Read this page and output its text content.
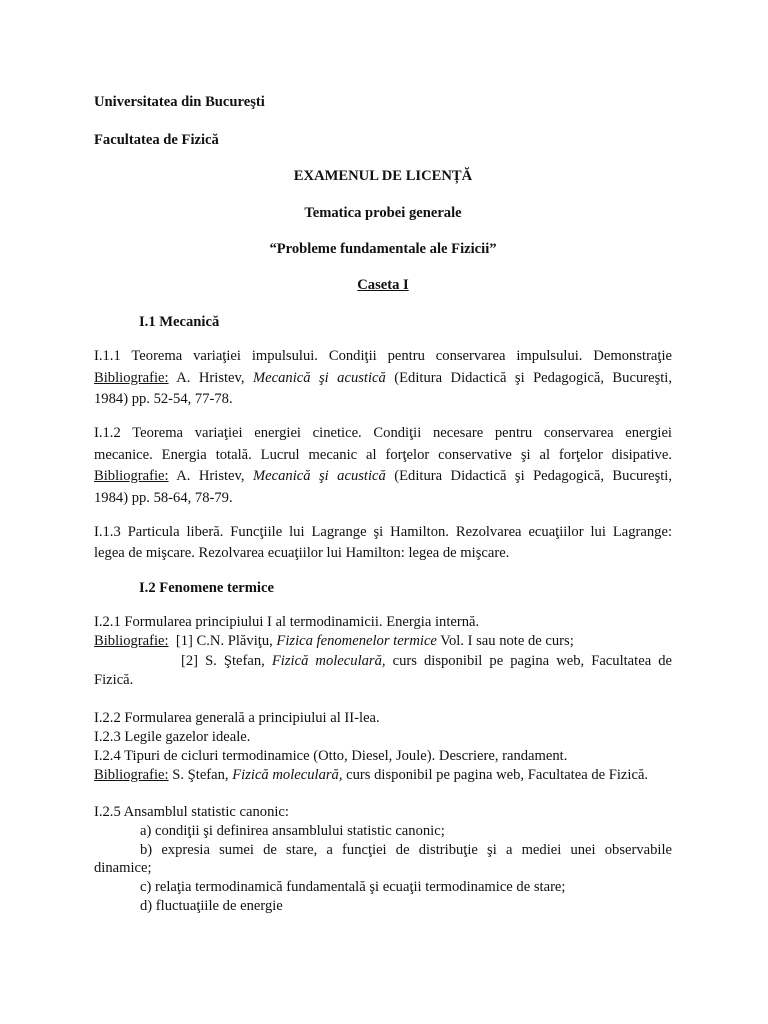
Universitatea din Bucureşti
Facultatea de Fizică
EXAMENUL DE LICENȚĂ
Tematica probei generale
“Probleme fundamentale ale Fizicii”
Caseta I
I.1 Mecanică
I.1.1 Teorema variaţiei impulsului. Condiţii pentru conservarea impulsului. Demonstraţie
Bibliografie: A. Hristev, Mecanică şi acustică (Editura Didactică şi Pedagogică, Bucureşti,
1984) pp. 52-54, 77-78.
I.1.2 Teorema variaţiei energiei cinetice. Condiţii necesare pentru conservarea energiei
mecanice. Energia totală. Lucrul mecanic al forţelor conservative şi al forţelor disipative.
Bibliografie: A. Hristev, Mecanică şi acustică (Editura Didactică şi Pedagogică, Bucureşti,
1984) pp. 58-64, 78-79.
I.1.3 Particula liberă. Funcţiile lui Lagrange şi Hamilton. Rezolvarea ecuaţiilor lui Lagrange:
legea de mişcare. Rezolvarea ecuaţiilor lui Hamilton: legea de mişcare.
I.2 Fenomene termice
I.2.1 Formularea principiului I al termodinamicii. Energia internă.
Bibliografie: [1] C.N. Plăviţu, Fizica fenomenelor termice Vol. I sau note de curs;
[2] S. Ştefan, Fizică moleculară, curs disponibil pe pagina web, Facultatea de
Fizică.
I.2.2 Formularea generală a principiului al II-lea.
I.2.3 Legile gazelor ideale.
I.2.4 Tipuri de cicluri termodinamice (Otto, Diesel, Joule). Descriere, randament.
Bibliografie: S. Ştefan, Fizică moleculară, curs disponibil pe pagina web, Facultatea de Fizică.
I.2.5 Ansamblul statistic canonic:
a) condiţii şi definirea ansamblului statistic canonic;
b) expresia sumei de stare, a funcţiei de distribuţie şi a mediei unei observabile
dinamice;
c) relaţia termodinamică fundamentală şi ecuaţii termodinamice de stare;
d) fluctuaţiile de energie
